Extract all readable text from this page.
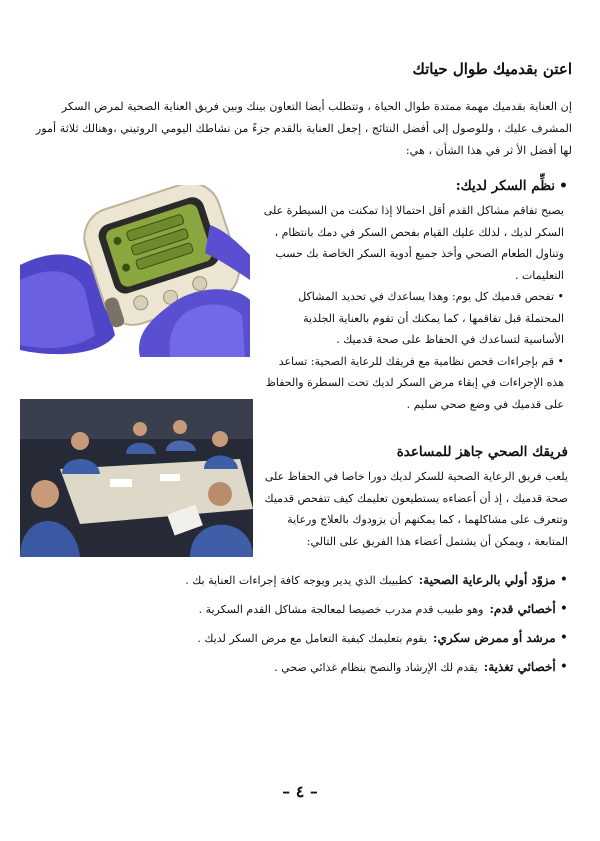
اعتن بقدميك طوال حياتك
إن العناية بقدميك مهمة ممتدة طوال الحياة ، وتتطلب أيضا التعاون بينك وبين فريق العناية الصحية لمرض السكر المشرف عليك ، وللوصول إلى أفضل النتائج ، إجعل العناية بالقدم جزءً من نشاطك اليومي الروتيني ،وهنالك ثلاثة أمور لها أفضل الأ ثر في هذا الشأن ، هي:
•نظِّم السكر لديك:

يصبح تفاقم مشاكل القدم أقل احتمالا إذا تمكنت من السيطرة على السكر لديك ، لذلك عليك القيام بفحص السكر في دمك بانتظام ، وتناول الطعام الصحي وأخذ جميع أدوية السكر الخاصة بك حسب التعليمات .

• تفحص قدميك كل يوم: وهذا يساعدك في تحديد المشاكل المحتملة قبل تفاقمها ، كما يمكنك أن تقوم بالعناية الجلدية الأساسية لتساعدك في الحفاظ على صحة قدميك .

• قم بإجراءات فحص نظامية مع فريقك للرعاية الصحية: تساعد هذه الإجراءات في إبقاء مرض السكر لديك تحت السطرة والحفاظ على قدميك في وضع صحي سليم .

فريقك الصحي جاهز للمساعدة
يلعب فريق الرعاية الصحية للسكر لديك دورا خاصا في الحفاظ على صحة قدميك ، إذ أن أعضاءه يستطيعون تعليمك كيف تتفحص قدميك وتتعرف على مشاكلهما ، كما يمكنهم أن يزودوك بالعلاج ورعاية المتابعة ، ويمكن أن يشتمل أعضاء هذا الفريق على التالي:
•مزوّد أولي بالرعاية الصحية:كطبيبك الذي يدير ويوجه كافة إجراءات العناية بك .
•أخصائي قدم:وهو طبيب قدم مدرب خصيصا لمعالجة مشاكل القدم السكرية .
•مرشد أو ممرض سكري:يقوم بتعليمك كيفية التعامل مع مرض السكر لديك .
•أخصائي تغذية:يقدم لك الإرشاد والنصح بنظام غذائي صحي .
– ٤ –
